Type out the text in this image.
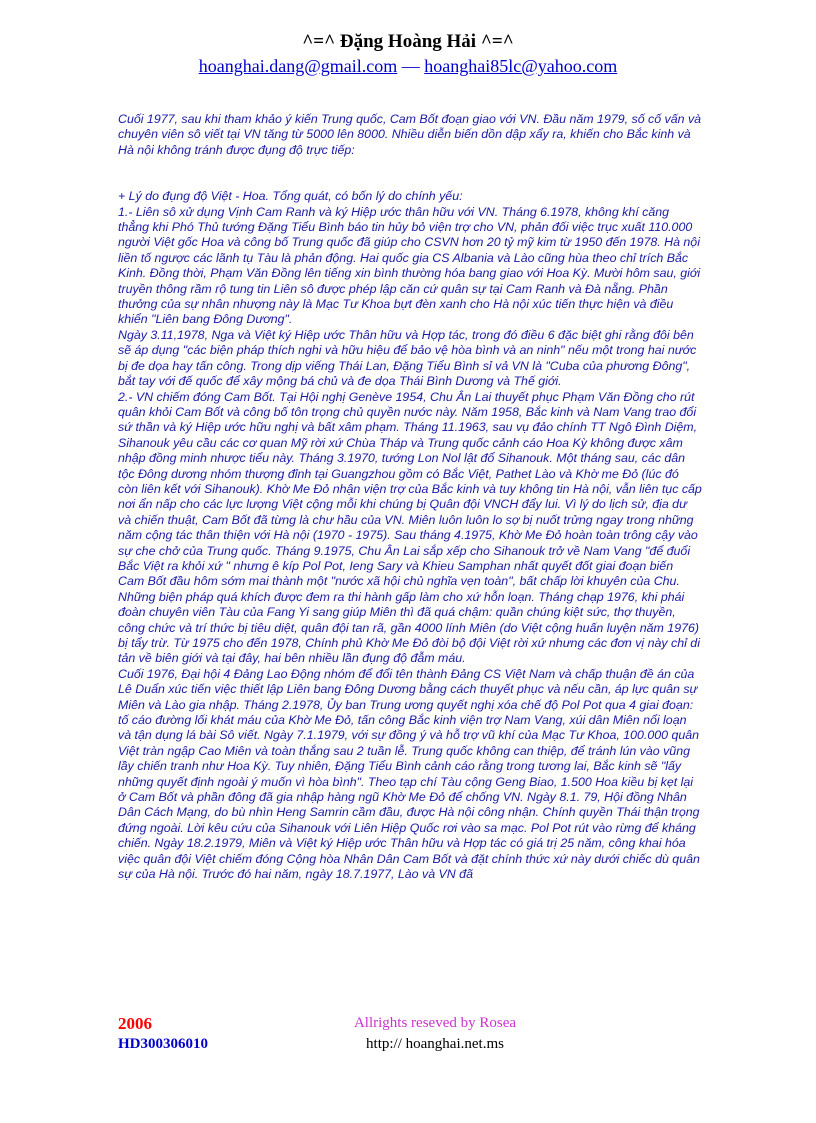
^=^ Đặng Hoàng Hải ^=^
hoanghai.dang@gmail.com — hoanghai85lc@yahoo.com

Cuối 1977, sau khi tham khảo ý kiến Trung quốc, Cam Bốt đoạn giao với VN. Đầu năm 1979, số cố vấn và chuyên viên sô viết tại VN tăng từ 5000 lên 8000. Nhiều diễn biến dồn dập xẩy ra, khiến cho Bắc kinh và Hà nội không tránh được đụng độ trực tiếp:

+ Lý do đụng độ Việt - Hoa. Tổng quát, có bốn lý do chính yếu:

1.- Liên sô xử dụng Vịnh Cam Ranh và ký Hiệp ước thân hữu với VN. Tháng 6.1978, không khí căng thẳng khi Phó Thủ tướng Đặng Tiểu Bình báo tin hủy bỏ viện trợ cho VN, phản đối việc trục xuất 110.000 người Việt gốc Hoa và công bố Trung quốc đã giúp cho CSVN hơn 20 tỷ mỹ kim từ 1950 đến 1978. Hà nội liền tố ngược các lãnh tụ Tàu là phản động. Hai quốc gia CS Albania và Lào cũng hùa theo chỉ trích Bắc Kinh. Đồng thời, Phạm Văn Đồng lên tiếng xin bình thường hóa bang giao với Hoa Kỳ. Mười hôm sau, giới truyền thông rầm rộ tung tin Liên sô được phép lập căn cứ quân sự tại Cam Ranh và Đà nẵng. Phần thưởng của sự nhân nhượng này là Mạc Tư Khoa bựt đèn xanh cho Hà nội xúc tiến thực hiện và điều khiển "Liên bang Đông Dương".

Ngày 3.11,1978, Nga và Việt ký Hiệp ước Thân hữu và Hợp tác, trong đó điều 6 đặc biệt ghi rằng đôi bên sẽ áp dụng "các biện pháp thích nghi và hữu hiệu để bảo vệ hòa bình và an ninh" nếu một trong hai nước bị đe dọa hay tấn công. Trong dịp viếng Thái Lan, Đặng Tiểu Bình sỉ vả VN là "Cuba của phương Đông", bắt tay với đế quốc để xây mộng bá chủ và đe dọa Thái Bình Dương và Thế giới.

2.- VN chiếm đóng Cam Bốt. Tại Hội nghị Genève 1954, Chu Ân Lai thuyết phục Phạm Văn Đồng cho rút quân khỏi Cam Bốt và công bố tôn trọng chủ quyền nước này. Năm 1958, Bắc kinh và Nam Vang trao đổi sứ thần và ký Hiệp ước hữu nghị và bất xâm phạm. Tháng 11.1963, sau vụ đảo chính TT Ngô Đình Diệm, Sihanouk yêu cầu các cơ quan Mỹ rời xứ Chùa Tháp và Trung quốc cảnh cáo Hoa Kỳ không được xâm nhập đồng minh nhược tiểu này. Tháng 3.1970, tướng Lon Nol lật đổ Sihanouk. Một tháng sau, các dân tộc Đông dương nhóm thượng đỉnh tại Guangzhou gồm có Bắc Việt, Pathet Lào và Khờ me Đỏ (lúc đó còn liên kết với Sihanouk). Khờ Me Đỏ nhận viện trợ của Bắc kinh và tuy không tin Hà nội, vẫn liên tục cấp nơi ẩn nấp cho các lực lượng Việt cộng mỗi khi chúng bị Quân đội VNCH đẩy lui. Vì lý do lịch sử, địa dư và chiến thuật, Cam Bốt đã từng là chư hầu của VN. Miên luôn luôn lo sợ bị nuốt trửng ngay trong những năm cộng tác thân thiện với Hà nội (1970 - 1975). Sau tháng 4.1975, Khờ Me Đỏ hoàn toàn trông cậy vào sự che chở của Trung quốc. Tháng 9.1975, Chu Ân Lai sắp xếp cho Sihanouk trở về Nam Vang "để đuổi Bắc Việt ra khỏi xứ " nhưng ê kíp Pol Pot, Ieng Sary và Khieu Samphan nhất quyết đốt giai đoạn biến Cam Bốt đầu hôm sớm mai thành một "nước xã hội chủ nghĩa vẹn toàn", bất chấp lời khuyên của Chu. Những biện pháp quá khích được đem ra thi hành gấp làm cho xứ hỗn loạn. Tháng chạp 1976, khi phái đoàn chuyên viên Tàu của Fang Yi sang giúp Miên thì đã quá chậm: quần chúng kiệt sức, thợ thuyền, công chức và trí thức bị tiêu diệt, quân đội tan rã, gần 4000 lính Miên (do Việt cộng huấn luyện năm 1976) bị tẩy trừ. Từ 1975 cho đến 1978, Chính phủ Khờ Me Đỏ đòi bộ đội Việt rời xứ nhưng các đơn vị này chỉ di tản về biên giới và tại đây, hai bên nhiều lần đụng độ đẫm máu.

Cuối 1976, Đại hội 4 Đảng Lao Động nhóm để đổi tên thành Đảng CS Việt Nam và chấp thuận đề án của Lê Duẩn xúc tiến việc thiết lập Liên bang Đông Dương bằng cách thuyết phục và nếu cần, áp lực quân sự Miên và Lào gia nhập. Tháng 2.1978, Ủy ban Trung ương quyết nghị xóa chế độ Pol Pot qua 4 giai đoạn: tố cáo đường lối khát máu của Khờ Me Đỏ, tấn công Bắc kinh viện trợ Nam Vang, xúi dân Miên nổi loạn và tận dụng lá bài Sô viết. Ngày 7.1.1979, với sự đồng ý và hỗ trợ vũ khí của Mạc Tư Khoa, 100.000 quân Việt tràn ngập Cao Miên và toàn thắng sau 2 tuần lễ. Trung quốc không can thiệp, để tránh lún vào vũng lầy chiến tranh như Hoa Kỳ. Tuy nhiên, Đặng Tiểu Bình cảnh cáo rằng trong tương lai, Bắc kinh sẽ "lấy những quyết định ngoài ý muốn vì hòa bình". Theo tạp chí Tàu cộng Geng Biao, 1.500 Hoa kiều bị kẹt lại ở Cam Bốt và phần đông đã gia nhập hàng ngũ Khờ Me Đỏ để chống VN. Ngày 8.1. 79, Hội đồng Nhân Dân Cách Mạng, do bù nhìn Heng Samrin cầm đầu, được Hà nội công nhận. Chính quyền Thái thận trọng đứng ngoài. Lời kêu cứu của Sihanouk với Liên Hiệp Quốc rơi vào sa mạc. Pol Pot rút vào rừng để kháng chiến. Ngày 18.2.1979, Miên và Việt ký Hiệp ước Thân hữu và Hợp tác có giá trị 25 năm, công khai hóa việc quân đội Việt chiếm đóng Cộng hòa Nhân Dân Cam Bốt và đặt chính thức xứ này dưới chiếc dù quân sự của Hà nội. Trước đó hai năm, ngày 18.7.1977, Lào và VN đã

2006
HD300306010
Allrights reseved by Rosea
http:// hoanghai.net.ms
